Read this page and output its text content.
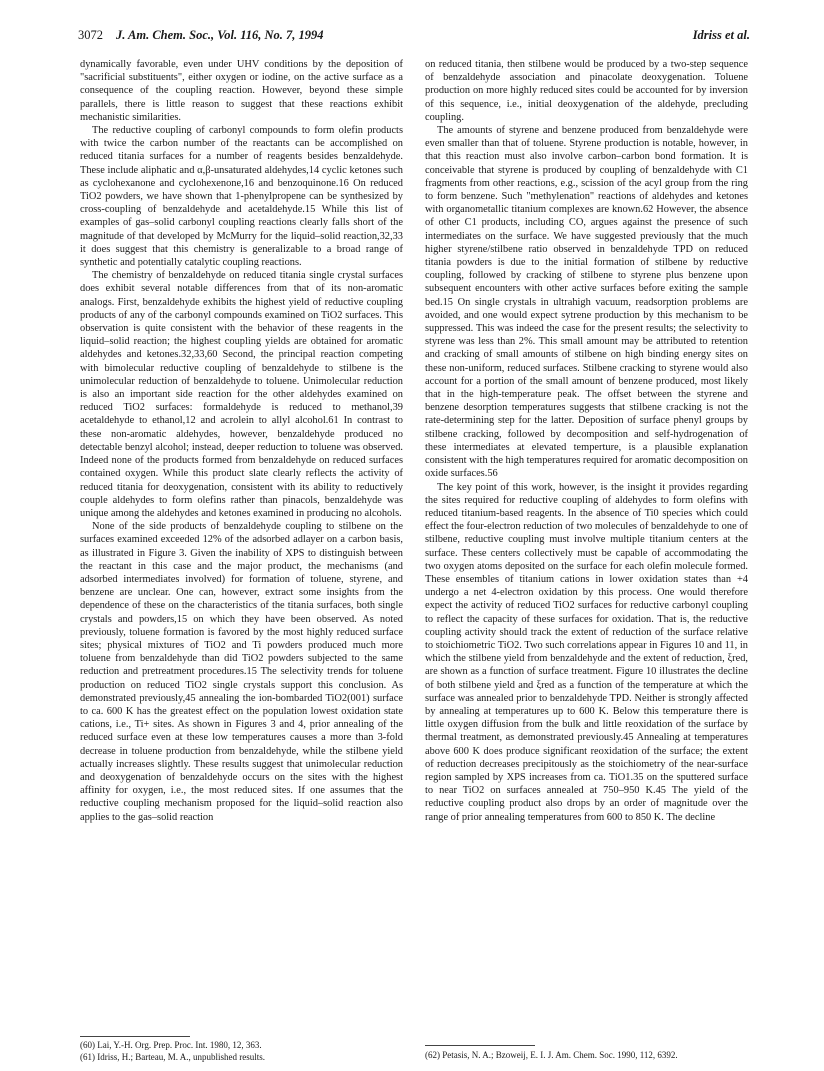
3072 J. Am. Chem. Soc., Vol. 116, No. 7, 1994	Idriss et al.

dynamically favorable, even under UHV conditions by the deposition of "sacrificial substituents", either oxygen or iodine, on the active surface as a consequence of the coupling reaction. However, beyond these simple parallels, there is little reason to suggest that these reactions exhibit mechanistic similarities.

The reductive coupling of carbonyl compounds to form olefin products with twice the carbon number of the reactants can be accomplished on reduced titania surfaces for a number of reagents besides benzaldehyde. These include aliphatic and α,β-unsaturated aldehydes,14 cyclic ketones such as cyclohexanone and cyclohexenone,16 and benzoquinone.16 On reduced TiO2 powders, we have shown that 1-phenylpropene can be synthesized by cross-coupling of benzaldehyde and acetaldehyde.15 While this list of examples of gas–solid carbonyl coupling reactions clearly falls short of the magnitude of that developed by McMurry for the liquid–solid reaction,32,33 it does suggest that this chemistry is generalizable to a broad range of synthetic and potentially catalytic coupling reactions.

The chemistry of benzaldehyde on reduced titania single crystal surfaces does exhibit several notable differences from that of its non-aromatic analogs. First, benzaldehyde exhibits the highest yield of reductive coupling products of any of the carbonyl compounds examined on TiO2 surfaces. This observation is quite consistent with the behavior of these reagents in the liquid–solid reaction; the highest coupling yields are obtained for aromatic aldehydes and ketones.32,33,60 Second, the principal reaction competing with bimolecular reductive coupling of benzaldehyde to stilbene is the unimolecular reduction of benzaldehyde to toluene. Unimolecular reduction is also an important side reaction for the other aldehydes examined on reduced TiO2 surfaces: formaldehyde is reduced to methanol,39 acetaldehyde to ethanol,12 and acrolein to allyl alcohol.61 In contrast to these non-aromatic aldehydes, however, benzaldehyde produced no detectable benzyl alcohol; instead, deeper reduction to toluene was observed. Indeed none of the products formed from benzaldehyde on reduced surfaces contained oxygen. While this product slate clearly reflects the activity of reduced titania for deoxygenation, consistent with its ability to reductively couple aldehydes to form olefins rather than pinacols, benzaldehyde was unique among the aldehydes and ketones examined in producing no alcohols.

None of the side products of benzaldehyde coupling to stilbene on the surfaces examined exceeded 12% of the adsorbed adlayer on a carbon basis, as illustrated in Figure 3. Given the inability of XPS to distinguish between the reactant in this case and the major product, the mechanisms (and adsorbed intermediates involved) for formation of toluene, styrene, and benzene are unclear. One can, however, extract some insights from the dependence of these on the characteristics of the titania surfaces, both single crystals and powders,15 on which they have been observed. As noted previously, toluene formation is favored by the most highly reduced surface sites; physical mixtures of TiO2 and Ti powders produced much more toluene from benzaldehyde than did TiO2 powders subjected to the same reduction and pretreatment procedures.15 The selectivity trends for toluene production on reduced TiO2 single crystals support this conclusion. As demonstrated previously,45 annealing the ion-bombarded TiO2(001) surface to ca. 600 K has the greatest effect on the population lowest oxidation state cations, i.e., Ti+ sites. As shown in Figures 3 and 4, prior annealing of the reduced surface even at these low temperatures causes a more than 3-fold decrease in toluene production from benzaldehyde, while the stilbene yield actually increases slightly. These results suggest that unimolecular reduction and deoxygenation of benzaldehyde occurs on the sites with the highest affinity for oxygen, i.e., the most reduced sites. If one assumes that the reductive coupling mechanism proposed for the liquid–solid reaction also applies to the gas–solid reaction

on reduced titania, then stilbene would be produced by a two-step sequence of benzaldehyde association and pinacolate deoxygenation. Toluene production on more highly reduced sites could be accounted for by inversion of this sequence, i.e., initial deoxygenation of the aldehyde, precluding coupling.

The amounts of styrene and benzene produced from benzaldehyde were even smaller than that of toluene. Styrene production is notable, however, in that this reaction must also involve carbon–carbon bond formation. It is conceivable that styrene is produced by coupling of benzaldehyde with C1 fragments from other reactions, e.g., scission of the acyl group from the ring to form benzene. Such "methylenation" reactions of aldehydes and ketones with organometallic titanium complexes are known.62 However, the absence of other C1 products, including CO, argues against the presence of such intermediates on the surface. We have suggested previously that the much higher styrene/stilbene ratio observed in benzaldehyde TPD on reduced titania powders is due to the initial formation of stilbene by reductive coupling, followed by cracking of stilbene to styrene plus benzene upon subsequent encounters with other active surfaces before exiting the sample bed.15 On single crystals in ultrahigh vacuum, readsorption problems are avoided, and one would expect sytrene production by this mechanism to be suppressed. This was indeed the case for the present results; the selectivity to styrene was less than 2%. This small amount may be attributed to retention and cracking of small amounts of stilbene on high binding energy sites on these non-uniform, reduced surfaces. Stilbene cracking to styrene would also account for a portion of the small amount of benzene produced, most likely that in the high-temperature peak. The offset between the styrene and benzene desorption temperatures suggests that stilbene cracking is not the rate-determining step for the latter. Deposition of surface phenyl groups by stilbene cracking, followed by decomposition and self-hydrogenation of these intermediates at elevated temperture, is a plausible explanation consistent with the high temperatures required for aromatic decomposition on oxide surfaces.56

The key point of this work, however, is the insight it provides regarding the sites required for reductive coupling of aldehydes to form olefins with reduced titanium-based reagents. In the absence of Ti0 species which could effect the four-electron reduction of two molecules of benzaldehyde to one of stilbene, reductive coupling must involve multiple titanium centers at the surface. These centers collectively must be capable of accommodating the two oxygen atoms deposited on the surface for each olefin molecule formed. These ensembles of titanium cations in lower oxidation states than +4 undergo a net 4-electron oxidation by this process. One would therefore expect the activity of reduced TiO2 surfaces for reductive carbonyl coupling to reflect the capacity of these surfaces for oxidation. That is, the reductive coupling activity should track the extent of reduction of the surface relative to stoichiometric TiO2. Two such correlations appear in Figures 10 and 11, in which the stilbene yield from benzaldehyde and the extent of reduction, ξred, are shown as a function of surface treatment. Figure 10 illustrates the decline of both stilbene yield and ξred as a function of the temperature at which the surface was annealed prior to benzaldehyde TPD. Neither is strongly affected by annealing at temperatures up to 600 K. Below this temperature there is little oxygen diffusion from the bulk and little reoxidation of the surface by thermal treatment, as demonstrated previously.45 Annealing at temperatures above 600 K does produce significant reoxidation of the surface; the extent of reduction decreases precipitously as the stoichiometry of the near-surface region sampled by XPS increases from ca. TiO1.35 on the sputtered surface to near TiO2 on surfaces annealed at 750–950 K.45 The yield of the reductive coupling product also drops by an order of magnitude over the range of prior annealing temperatures from 600 to 850 K. The decline

(60) Lai, Y.-H. Org. Prep. Proc. Int. 1980, 12, 363.
(61) Idriss, H.; Barteau, M. A., unpublished results.	(62) Petasis, N. A.; Bzoweij, E. I. J. Am. Chem. Soc. 1990, 112, 6392.
